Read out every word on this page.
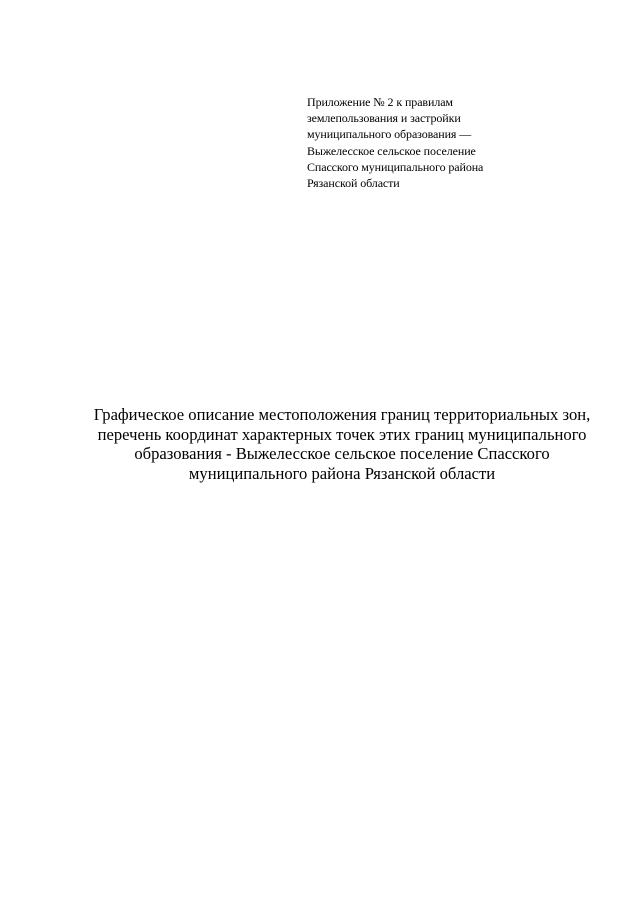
Приложение № 2 к правилам
землепользования и застройки
муниципального образования —
Выжелесское сельское поселение
Спасского муниципального района
Рязанской области
Графическое описание местоположения границ территориальных зон,
перечень координат характерных точек этих границ муниципального
образования - Выжелесское сельское поселение Спасского
муниципального района Рязанской области
